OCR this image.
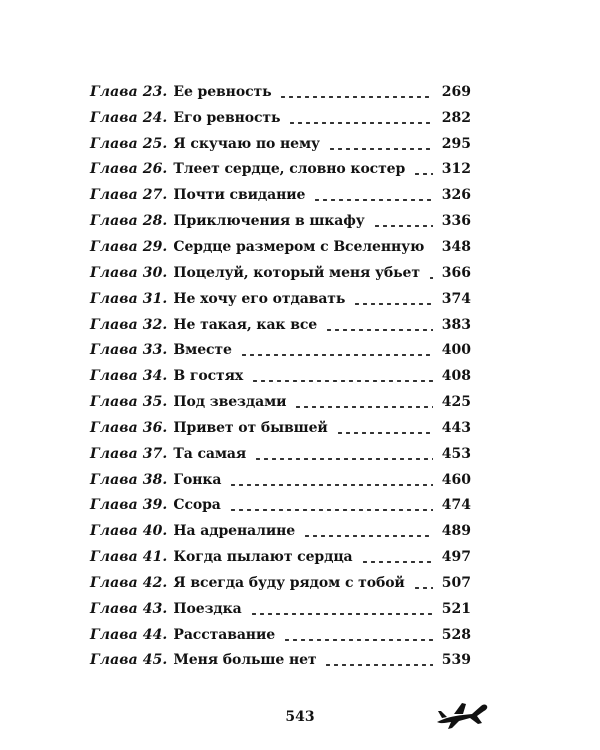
Глава 23. Ее ревность	269
Глава 24. Его ревность	282
Глава 25. Я скучаю по нему	295
Глава 26. Тлеет сердце, словно костер	312
Глава 27. Почти свидание	326
Глава 28. Приключения в шкафу	336
Глава 29. Сердце размером с Вселенную 348
Глава 30. Поцелуй, который меня убьет 366
Глава 31. Не хочу его отдавать	374
Глава 32. Не такая, как все	383
Глава 33. Вместе	400
Глава 34. В гостях	408
Глава 35. Под звездами	425
Глава 36. Привет от бывшей	443
Глава 37. Та самая	453
Глава 38. Гонка	460
Глава 39. Ссора	474
Глава 40. На адреналине	489
Глава 41. Когда пылают сердца	497
Глава 42. Я всегда буду рядом с тобой	507
Глава 43. Поездка	521
Глава 44. Расставание	528
Глава 45. Меня больше нет	539
543
